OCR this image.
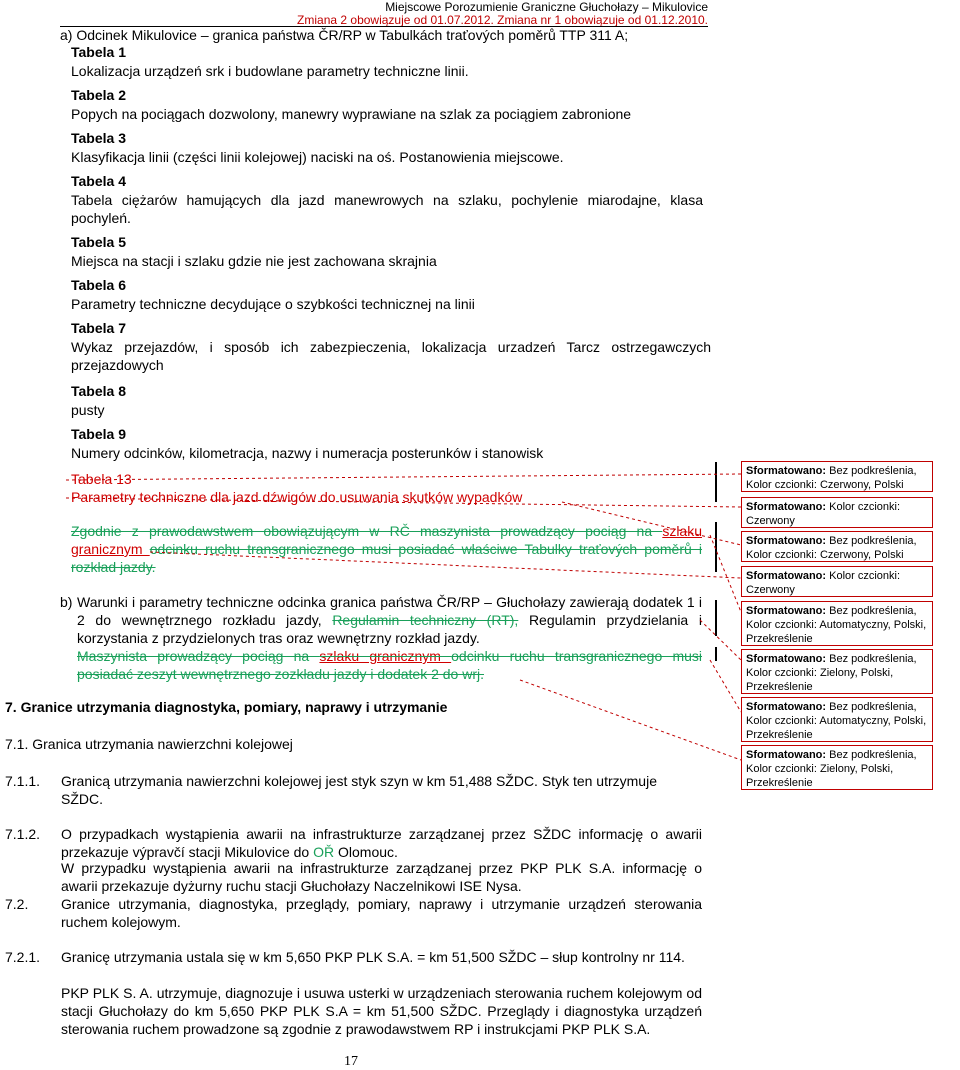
Miejscowe Porozumienie Graniczne Głuchołazy – Mikulovice
Zmiana 2 obowiązuje od 01.07.2012. Zmiana nr 1 obowiązuje od 01.12.2010.
a) Odcinek Mikulovice – granica państwa ČR/RP w Tabulkách traťových poměrů TTP 311 A;
Tabela 1
Lokalizacja urządzeń srk i budowlane parametry techniczne linii.
Tabela 2
Popych na pociągach dozwolony, manewry wyprawiane na szlak za pociągiem zabronione
Tabela 3
Klasyfikacja linii (części linii kolejowej) naciski na oś. Postanowienia miejscowe.
Tabela 4
Tabela ciężarów hamujących dla jazd manewrowych na szlaku, pochylenie miarodajne, klasa pochyleń.
Tabela 5
Miejsca na stacji i szlaku gdzie nie jest zachowana skrajnia
Tabela 6
Parametry techniczne decydujące o szybkości technicznej na linii
Tabela 7
Wykaz przejazdów, i sposób ich zabezpieczenia, lokalizacja urzadzeń Tarcz ostrzegawczych przejazdowych
Tabela 8
pusty
Tabela 9
Numery odcinków, kilometracja, nazwy i numeracja posterunków i stanowisk
Tabela 13
Parametry techniczne dla jazd dźwigów do usuwania skutków wypadków
Zgodnie z prawodawstwem obowiązującym w RČ maszynista prowadzący pociąg na szlaku granicznym odcinku ruchu transgranicznego musi posiadać właściwe Tabulky traťových poměrů i rozkład jazdy.
b) Warunki i parametry techniczne odcinka granica państwa ČR/RP – Głuchołazy zawierają dodatek 1 i 2 do wewnętrznego rozkładu jazdy, Regulamin techniczny (RT), Regulamin przydzielania i korzystania z przydzielonych tras oraz wewnętrzny rozkład jazdy.
Maszynista prowadzący pociąg na szlaku granicznym odcinku ruchu transgranicznego musi posiadać zeszyt wewnętrznego zozkładu jazdy i dodatek 2 do wrj.
7. Granice utrzymania diagnostyka, pomiary, naprawy i utrzymanie
7.1. Granica utrzymania nawierzchni kolejowej
7.1.1. Granicą utrzymania nawierzchni kolejowej jest styk szyn w km 51,488 SŽDC. Styk ten utrzymuje SŽDC.
7.1.2. O przypadkach wystąpienia awarii na infrastrukturze zarządzanej przez SŽDC informację o awarii przekazuje výpravčí stacji Mikulovice do OŘ Olomouc.
W przypadku wystąpienia awarii na infrastrukturze zarządzanej przez PKP PLK S.A. informację o awarii przekazuje dyżurny ruchu stacji Głuchołazy Naczelnikowi ISE Nysa.
7.2. Granice utrzymania, diagnostyka, przeglądy, pomiary, naprawy i utrzymanie urządzeń sterowania ruchem kolejowym.
7.2.1. Granicę utrzymania ustala się w km 5,650 PKP PLK S.A. = km 51,500 SŽDC – słup kontrolny nr 114.
PKP PLK S. A. utrzymuje, diagnozuje i usuwa usterki w urządzeniach sterowania ruchem kolejowym od stacji Głuchołazy do km 5,650 PKP PLK S.A = km 51,500 SŽDC. Przeglądy i diagnostyka urządzeń sterowania ruchem prowadzone są zgodnie z prawodawstwem RP i instrukcjami PKP PLK S.A.
17
Sformatowano: Bez podkreślenia, Kolor czcionki: Czerwony, Polski
Sformatowano: Kolor czcionki: Czerwony
Sformatowano: Bez podkreślenia, Kolor czcionki: Czerwony, Polski
Sformatowano: Kolor czcionki: Czerwony
Sformatowano: Bez podkreślenia, Kolor czcionki: Automatyczny, Polski, Przekreślenie
Sformatowano: Bez podkreślenia, Kolor czcionki: Zielony, Polski, Przekreślenie
Sformatowano: Bez podkreślenia, Kolor czcionki: Automatyczny, Polski, Przekreślenie
Sformatowano: Bez podkreślenia, Kolor czcionki: Zielony, Polski, Przekreślenie
